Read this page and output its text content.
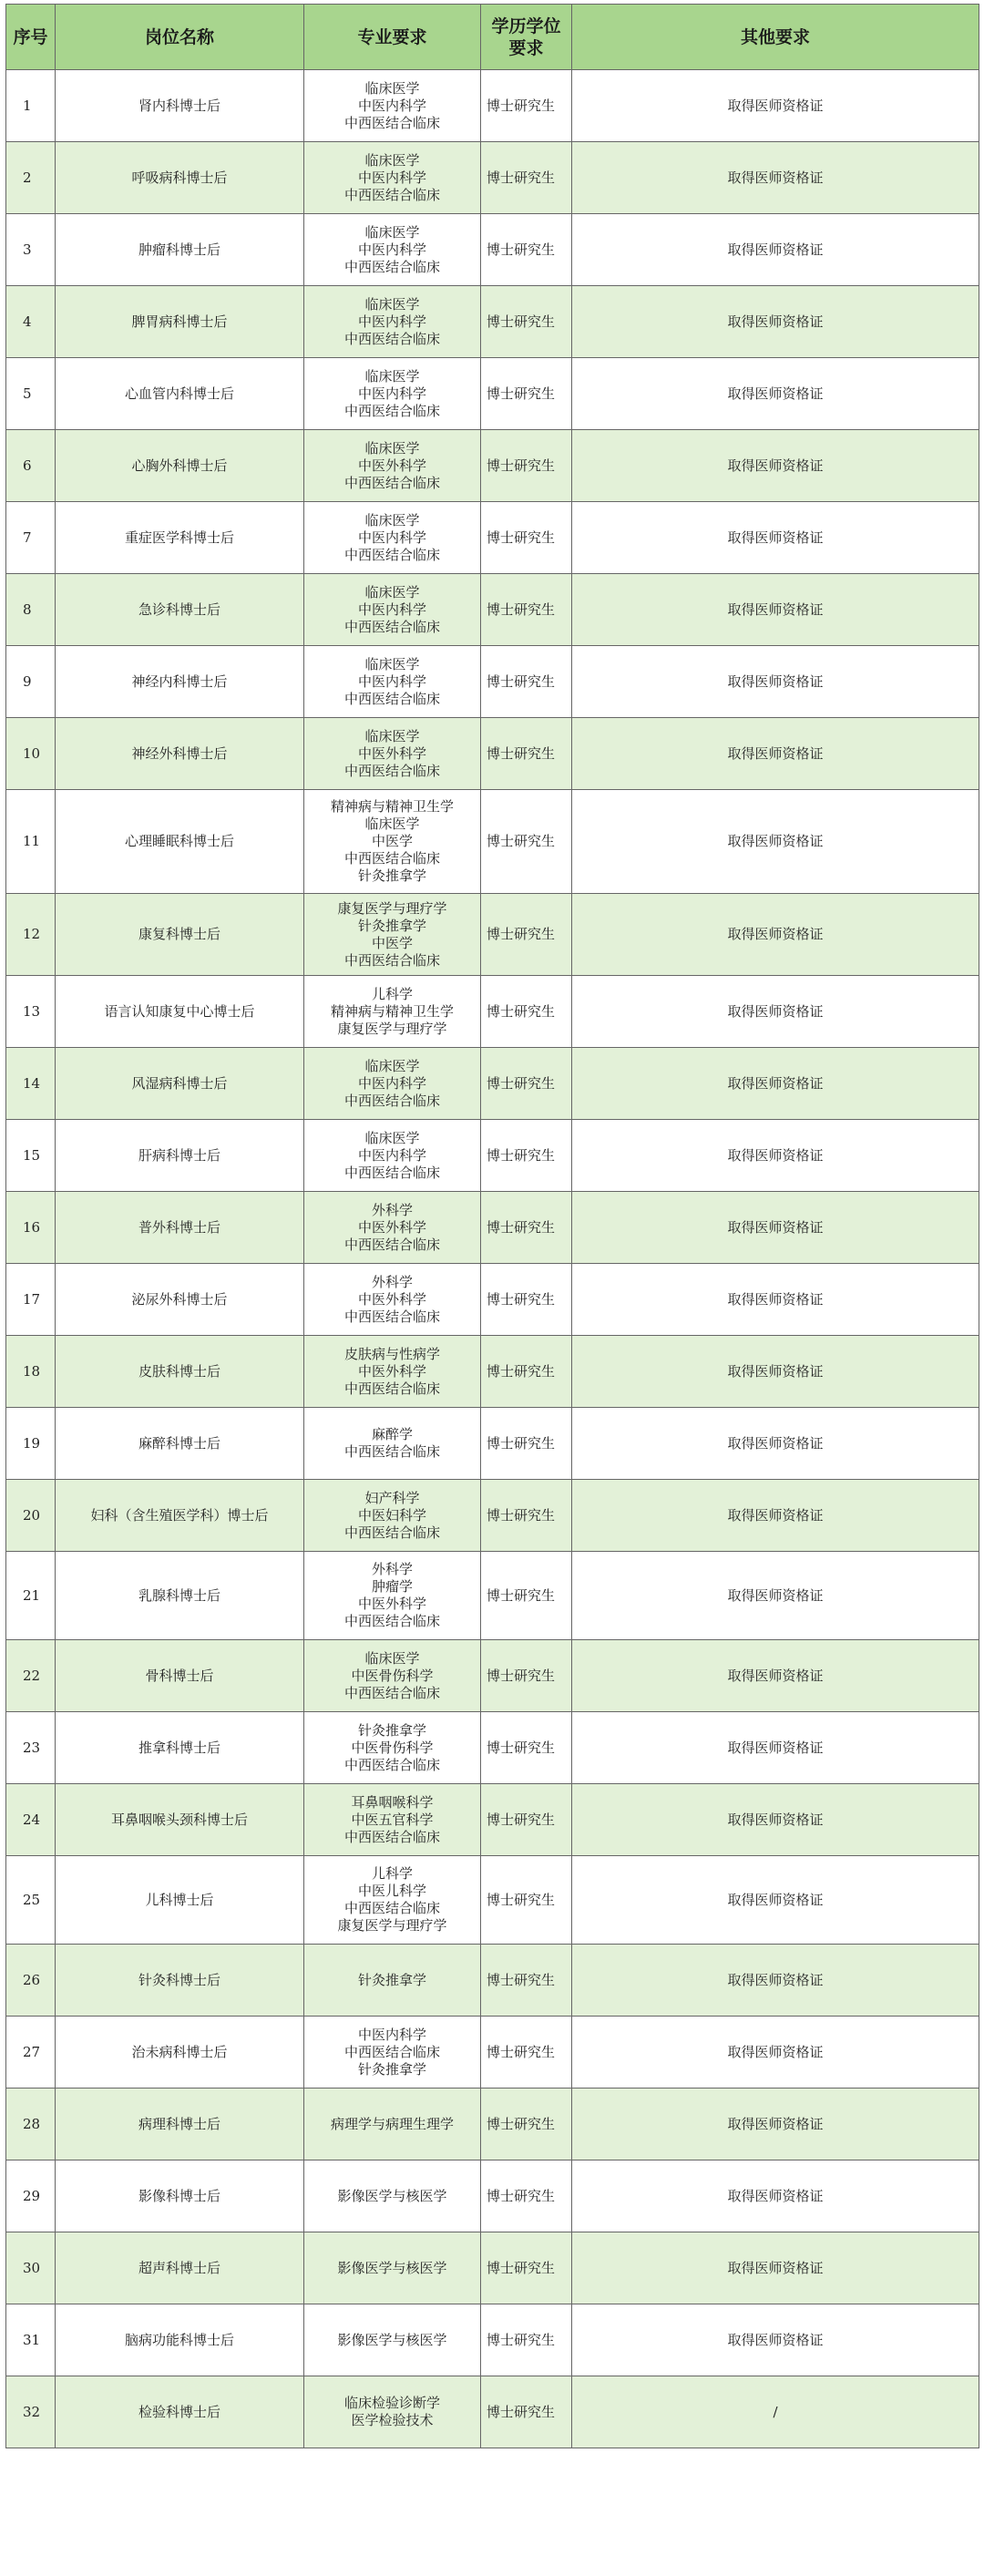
序号	岗位名称	专业要求	学历学位
要求	其他要求
1	肾内科博士后	临床医学
中医内科学
中西医结合临床	博士研究生	取得医师资格证
2	呼吸病科博士后	临床医学
中医内科学
中西医结合临床	博士研究生	取得医师资格证
3	肿瘤科博士后	临床医学
中医内科学
中西医结合临床	博士研究生	取得医师资格证
4	脾胃病科博士后	临床医学
中医内科学
中西医结合临床	博士研究生	取得医师资格证
5	心血管内科博士后	临床医学
中医内科学
中西医结合临床	博士研究生	取得医师资格证
6	心胸外科博士后	临床医学
中医外科学
中西医结合临床	博士研究生	取得医师资格证
7	重症医学科博士后	临床医学
中医内科学
中西医结合临床	博士研究生	取得医师资格证
8	急诊科博士后	临床医学
中医内科学
中西医结合临床	博士研究生	取得医师资格证
9	神经内科博士后	临床医学
中医内科学
中西医结合临床	博士研究生	取得医师资格证
10	神经外科博士后	临床医学
中医外科学
中西医结合临床	博士研究生	取得医师资格证
11	心理睡眠科博士后	精神病与精神卫生学
临床医学
中医学
中西医结合临床
针灸推拿学	博士研究生	取得医师资格证
12	康复科博士后	康复医学与理疗学
针灸推拿学
中医学
中西医结合临床	博士研究生	取得医师资格证
13	语言认知康复中心博士后	儿科学
精神病与精神卫生学
康复医学与理疗学	博士研究生	取得医师资格证
14	风湿病科博士后	临床医学
中医内科学
中西医结合临床	博士研究生	取得医师资格证
15	肝病科博士后	临床医学
中医内科学
中西医结合临床	博士研究生	取得医师资格证
16	普外科博士后	外科学
中医外科学
中西医结合临床	博士研究生	取得医师资格证
17	泌尿外科博士后	外科学
中医外科学
中西医结合临床	博士研究生	取得医师资格证
18	皮肤科博士后	皮肤病与性病学
中医外科学
中西医结合临床	博士研究生	取得医师资格证
19	麻醉科博士后	麻醉学
中西医结合临床	博士研究生	取得医师资格证
20	妇科（含生殖医学科）博士后	妇产科学
中医妇科学
中西医结合临床	博士研究生	取得医师资格证
21	乳腺科博士后	外科学
肿瘤学
中医外科学
中西医结合临床	博士研究生	取得医师资格证
22	骨科博士后	临床医学
中医骨伤科学
中西医结合临床	博士研究生	取得医师资格证
23	推拿科博士后	针灸推拿学
中医骨伤科学
中西医结合临床	博士研究生	取得医师资格证
24	耳鼻咽喉头颈科博士后	耳鼻咽喉科学
中医五官科学
中西医结合临床	博士研究生	取得医师资格证
25	儿科博士后	儿科学
中医儿科学
中西医结合临床
康复医学与理疗学	博士研究生	取得医师资格证
26	针灸科博士后	针灸推拿学	博士研究生	取得医师资格证
27	治未病科博士后	中医内科学
中西医结合临床
针灸推拿学	博士研究生	取得医师资格证
28	病理科博士后	病理学与病理生理学	博士研究生	取得医师资格证
29	影像科博士后	影像医学与核医学	博士研究生	取得医师资格证
30	超声科博士后	影像医学与核医学	博士研究生	取得医师资格证
31	脑病功能科博士后	影像医学与核医学	博士研究生	取得医师资格证
32	检验科博士后	临床检验诊断学
医学检验技术	博士研究生	/
